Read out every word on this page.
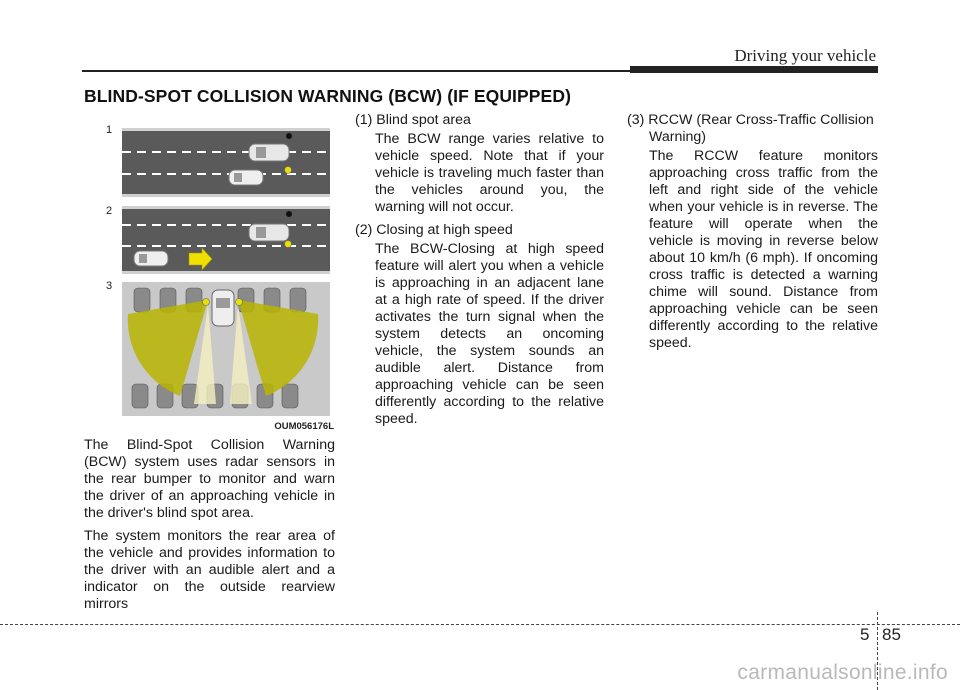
Driving your vehicle
BLIND-SPOT COLLISION WARNING (BCW) (IF EQUIPPED)
1
2
3
OUM056176L

The Blind-Spot Collision Warning (BCW) system uses radar sensors in the rear bumper to monitor and warn the driver of an approaching vehicle in the driver's blind spot area.

The system monitors the rear area of the vehicle and provides information to the driver with an audible alert and a indicator on the outside rearview mirrors

(1) Blind spot area
The BCW range varies relative to vehicle speed. Note that if your vehicle is traveling much faster than the vehicles around you, the warning will not occur.
(2) Closing at high speed
The BCW-Closing at high speed feature will alert you when a vehicle is approaching in an adjacent lane at a high rate of speed. If the driver activates the turn signal when the system detects an oncoming vehicle, the system sounds an audible alert. Distance from approaching vehicle can be seen differently according to the relative speed.
(3) RCCW (Rear Cross-Traffic Collision Warning)
The RCCW feature monitors approaching cross traffic from the left and right side of the vehicle when your vehicle is in reverse. The feature will operate when the vehicle is moving in reverse below about 10 km/h (6 mph). If oncoming cross traffic is detected a warning chime will sound. Distance from approaching vehicle can be seen differently according to the relative speed.
5 85
carmanualsonline.info
